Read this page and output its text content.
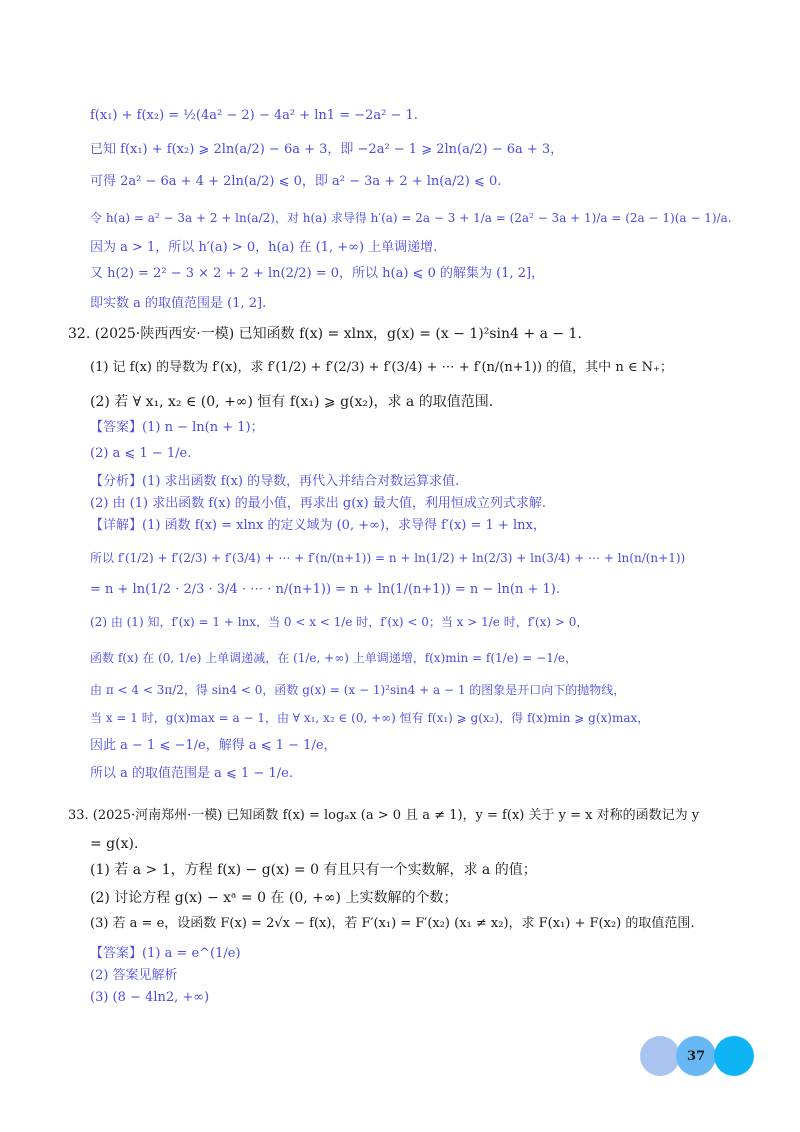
f(x₁) + f(x₂) = ½(4a² − 2) − 4a² + ln1 = −2a² − 1.
已知 f(x₁) + f(x₂) ⩾ 2ln(a/2) − 6a + 3，即 −2a² − 1 ⩾ 2ln(a/2) − 6a + 3，
可得 2a² − 6a + 4 + 2ln(a/2) ⩽ 0，即 a² − 3a + 2 + ln(a/2) ⩽ 0.
令 h(a) = a² − 3a + 2 + ln(a/2)，对 h(a) 求导得 h′(a) = 2a − 3 + 1/a = (2a² − 3a + 1)/a = (2a − 1)(a − 1)/a.
因为 a > 1，所以 h′(a) > 0，h(a) 在 (1, +∞) 上单调递增.
又 h(2) = 2² − 3 × 2 + 2 + ln(2/2) = 0，所以 h(a) ⩽ 0 的解集为 (1, 2]，
即实数 a 的取值范围是 (1, 2].
32. (2025·陕西西安·一模) 已知函数 f(x) = xlnx，g(x) = (x − 1)²sin4 + a − 1.
(1) 记 f(x) 的导数为 f′(x)，求 f′(1/2) + f′(2/3) + f′(3/4) + ⋯ + f′(n/(n+1)) 的值，其中 n ∈ N₊；
(2) 若 ∀ x₁, x₂ ∈ (0, +∞) 恒有 f(x₁) ⩾ g(x₂)，求 a 的取值范围.
【答案】(1) n − ln(n + 1)；
(2) a ⩽ 1 − 1/e.
【分析】(1) 求出函数 f(x) 的导数，再代入并结合对数运算求值.
(2) 由 (1) 求出函数 f(x) 的最小值，再求出 g(x) 最大值，利用恒成立列式求解.
【详解】(1) 函数 f(x) = xlnx 的定义域为 (0, +∞)，求导得 f′(x) = 1 + lnx，
所以 f′(1/2) + f′(2/3) + f′(3/4) + ⋯ + f′(n/(n+1)) = n + ln(1/2) + ln(2/3) + ln(3/4) + ⋯ + ln(n/(n+1))
= n + ln(1/2 · 2/3 · 3/4 · ⋯ · n/(n+1)) = n + ln(1/(n+1)) = n − ln(n + 1).
(2) 由 (1) 知，f′(x) = 1 + lnx，当 0 < x < 1/e 时，f′(x) < 0；当 x > 1/e 时，f′(x) > 0，
函数 f(x) 在 (0, 1/e) 上单调递减，在 (1/e, +∞) 上单调递增，f(x)min = f(1/e) = −1/e，
由 π < 4 < 3π/2，得 sin4 < 0，函数 g(x) = (x − 1)²sin4 + a − 1 的图象是开口向下的抛物线，
当 x = 1 时，g(x)max = a − 1，由 ∀ x₁, x₂ ∈ (0, +∞) 恒有 f(x₁) ⩾ g(x₂)，得 f(x)min ⩾ g(x)max，
因此 a − 1 ⩽ −1/e，解得 a ⩽ 1 − 1/e，
所以 a 的取值范围是 a ⩽ 1 − 1/e.
33. (2025·河南郑州·一模) 已知函数 f(x) = logₐx (a > 0 且 a ≠ 1)，y = f(x) 关于 y = x 对称的函数记为 y
= g(x).
(1) 若 a > 1，方程 f(x) − g(x) = 0 有且只有一个实数解，求 a 的值；
(2) 讨论方程 g(x) − xᵃ = 0 在 (0, +∞) 上实数解的个数；
(3) 若 a = e，设函数 F(x) = 2√x − f(x)，若 F′(x₁) = F′(x₂) (x₁ ≠ x₂)，求 F(x₁) + F(x₂) 的取值范围.
【答案】(1) a = e^(1/e)
(2) 答案见解析
(3) (8 − 4ln2, +∞)
37
